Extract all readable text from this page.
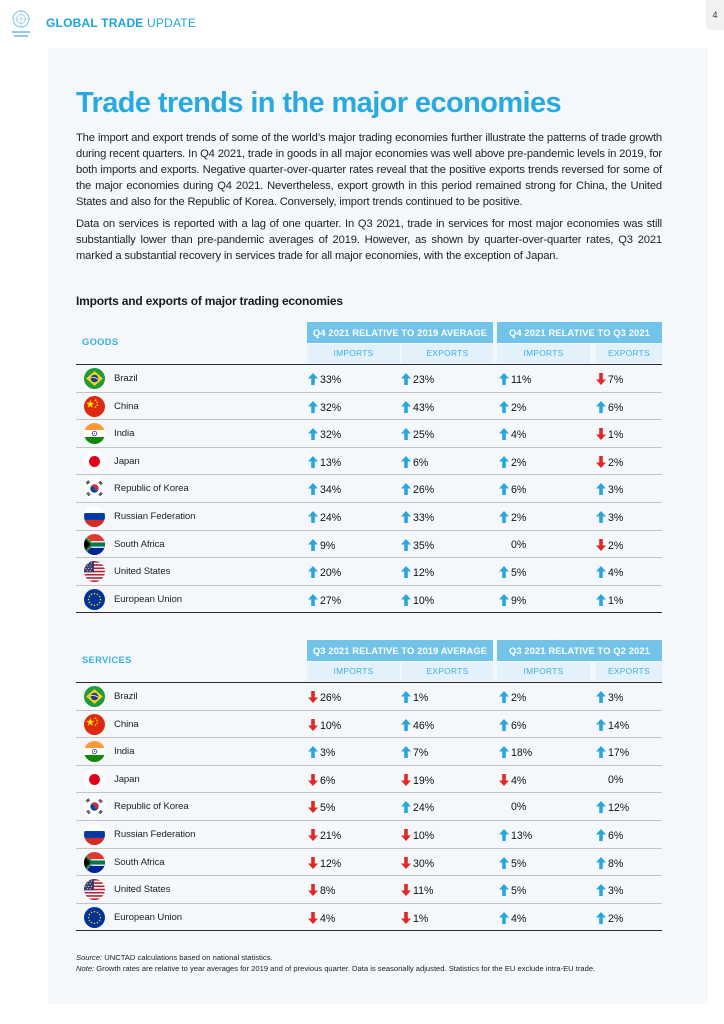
GLOBAL TRADE UPDATE
4
Trade trends in the major economies

The import and export trends of some of the world’s major trading economies further illustrate the patterns of trade growth during recent quarters. In Q4 2021, trade in goods in all major economies was well above pre-pandemic levels in 2019, for both imports and exports. Negative quarter-over-quarter rates reveal that the positive exports trends reversed for some of the major economies during Q4 2021. Nevertheless, export growth in this period remained strong for China, the United States and also for the Republic of Korea. Conversely, import trends continued to be positive.

Data on services is reported with a lag of one quarter. In Q3 2021, trade in services for most major economies was still substantially lower than pre-pandemic averages of 2019. However, as shown by quarter-over-quarter rates, Q3 2021 marked a substantial recovery in services trade for all major economies, with the exception of Japan.

Imports and exports of major trading economies
GOODS
Q4 2021 RELATIVE TO 2019 AVERAGE	Q4 2021 RELATIVE TO Q3 2021
IMPORTS	EXPORTS	IMPORTS	EXPORTS
Brazil	33%	23%	11%	7%
China	32%	43%	2%	6%
India	32%	25%	4%	1%
Japan	13%	6%	2%	2%
Republic of Korea	34%	26%	6%	3%
Russian Federation	24%	33%	2%	3%
South Africa	9%	35%	0%	2%
United States	20%	12%	5%	4%
European Union	27%	10%	9%	1%
SERVICES
Q3 2021 RELATIVE TO 2019 AVERAGE	Q3 2021 RELATIVE TO Q2 2021
IMPORTS	EXPORTS	IMPORTS	EXPORTS
Brazil	26%	1%	2%	3%
China	10%	46%	6%	14%
India	3%	7%	18%	17%
Japan	6%	19%	4%	0%
Republic of Korea	5%	24%	0%	12%
Russian Federation	21%	10%	13%	6%
South Africa	12%	30%	5%	8%
United States	8%	11%	5%	3%
European Union	4%	1%	4%	2%
Source: UNCTAD calculations based on national statistics.
Note: Growth rates are relative to year averages for 2019 and of previous quarter. Data is seasonally adjusted. Statistics for the EU exclude intra-EU trade.
